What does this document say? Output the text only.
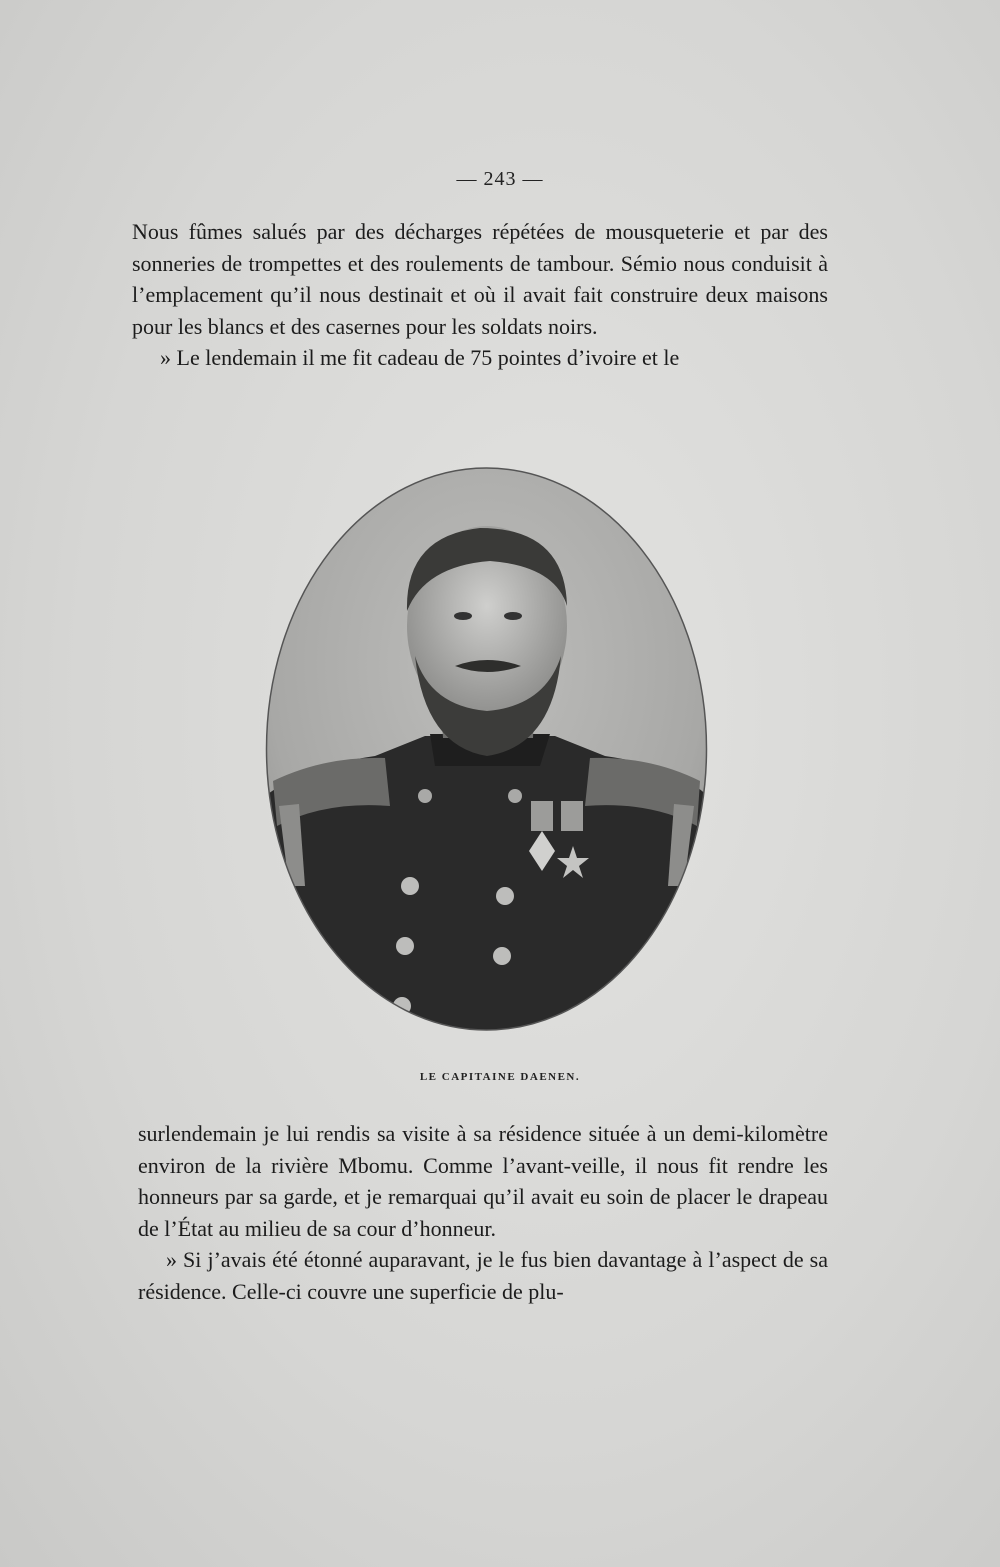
— 243 —

Nous fûmes salués par des décharges répétées de mousqueterie et par des sonneries de trompettes et des roulements de tambour. Sémio nous conduisit à l’emplacement qu’il nous destinait et où il avait fait construire deux maisons pour les blancs et des casernes pour les soldats noirs.

» Le lendemain il me fit cadeau de 75 pointes d’ivoire et le

LE CAPITAINE DAENEN.

surlendemain je lui rendis sa visite à sa résidence située à un demi-kilomètre environ de la rivière Mbomu. Comme l’avant-veille, il nous fit rendre les honneurs par sa garde, et je remarquai qu’il avait eu soin de placer le drapeau de l’État au milieu de sa cour d’honneur.

» Si j’avais été étonné auparavant, je le fus bien davantage à l’aspect de sa résidence. Celle-ci couvre une superficie de plu-
